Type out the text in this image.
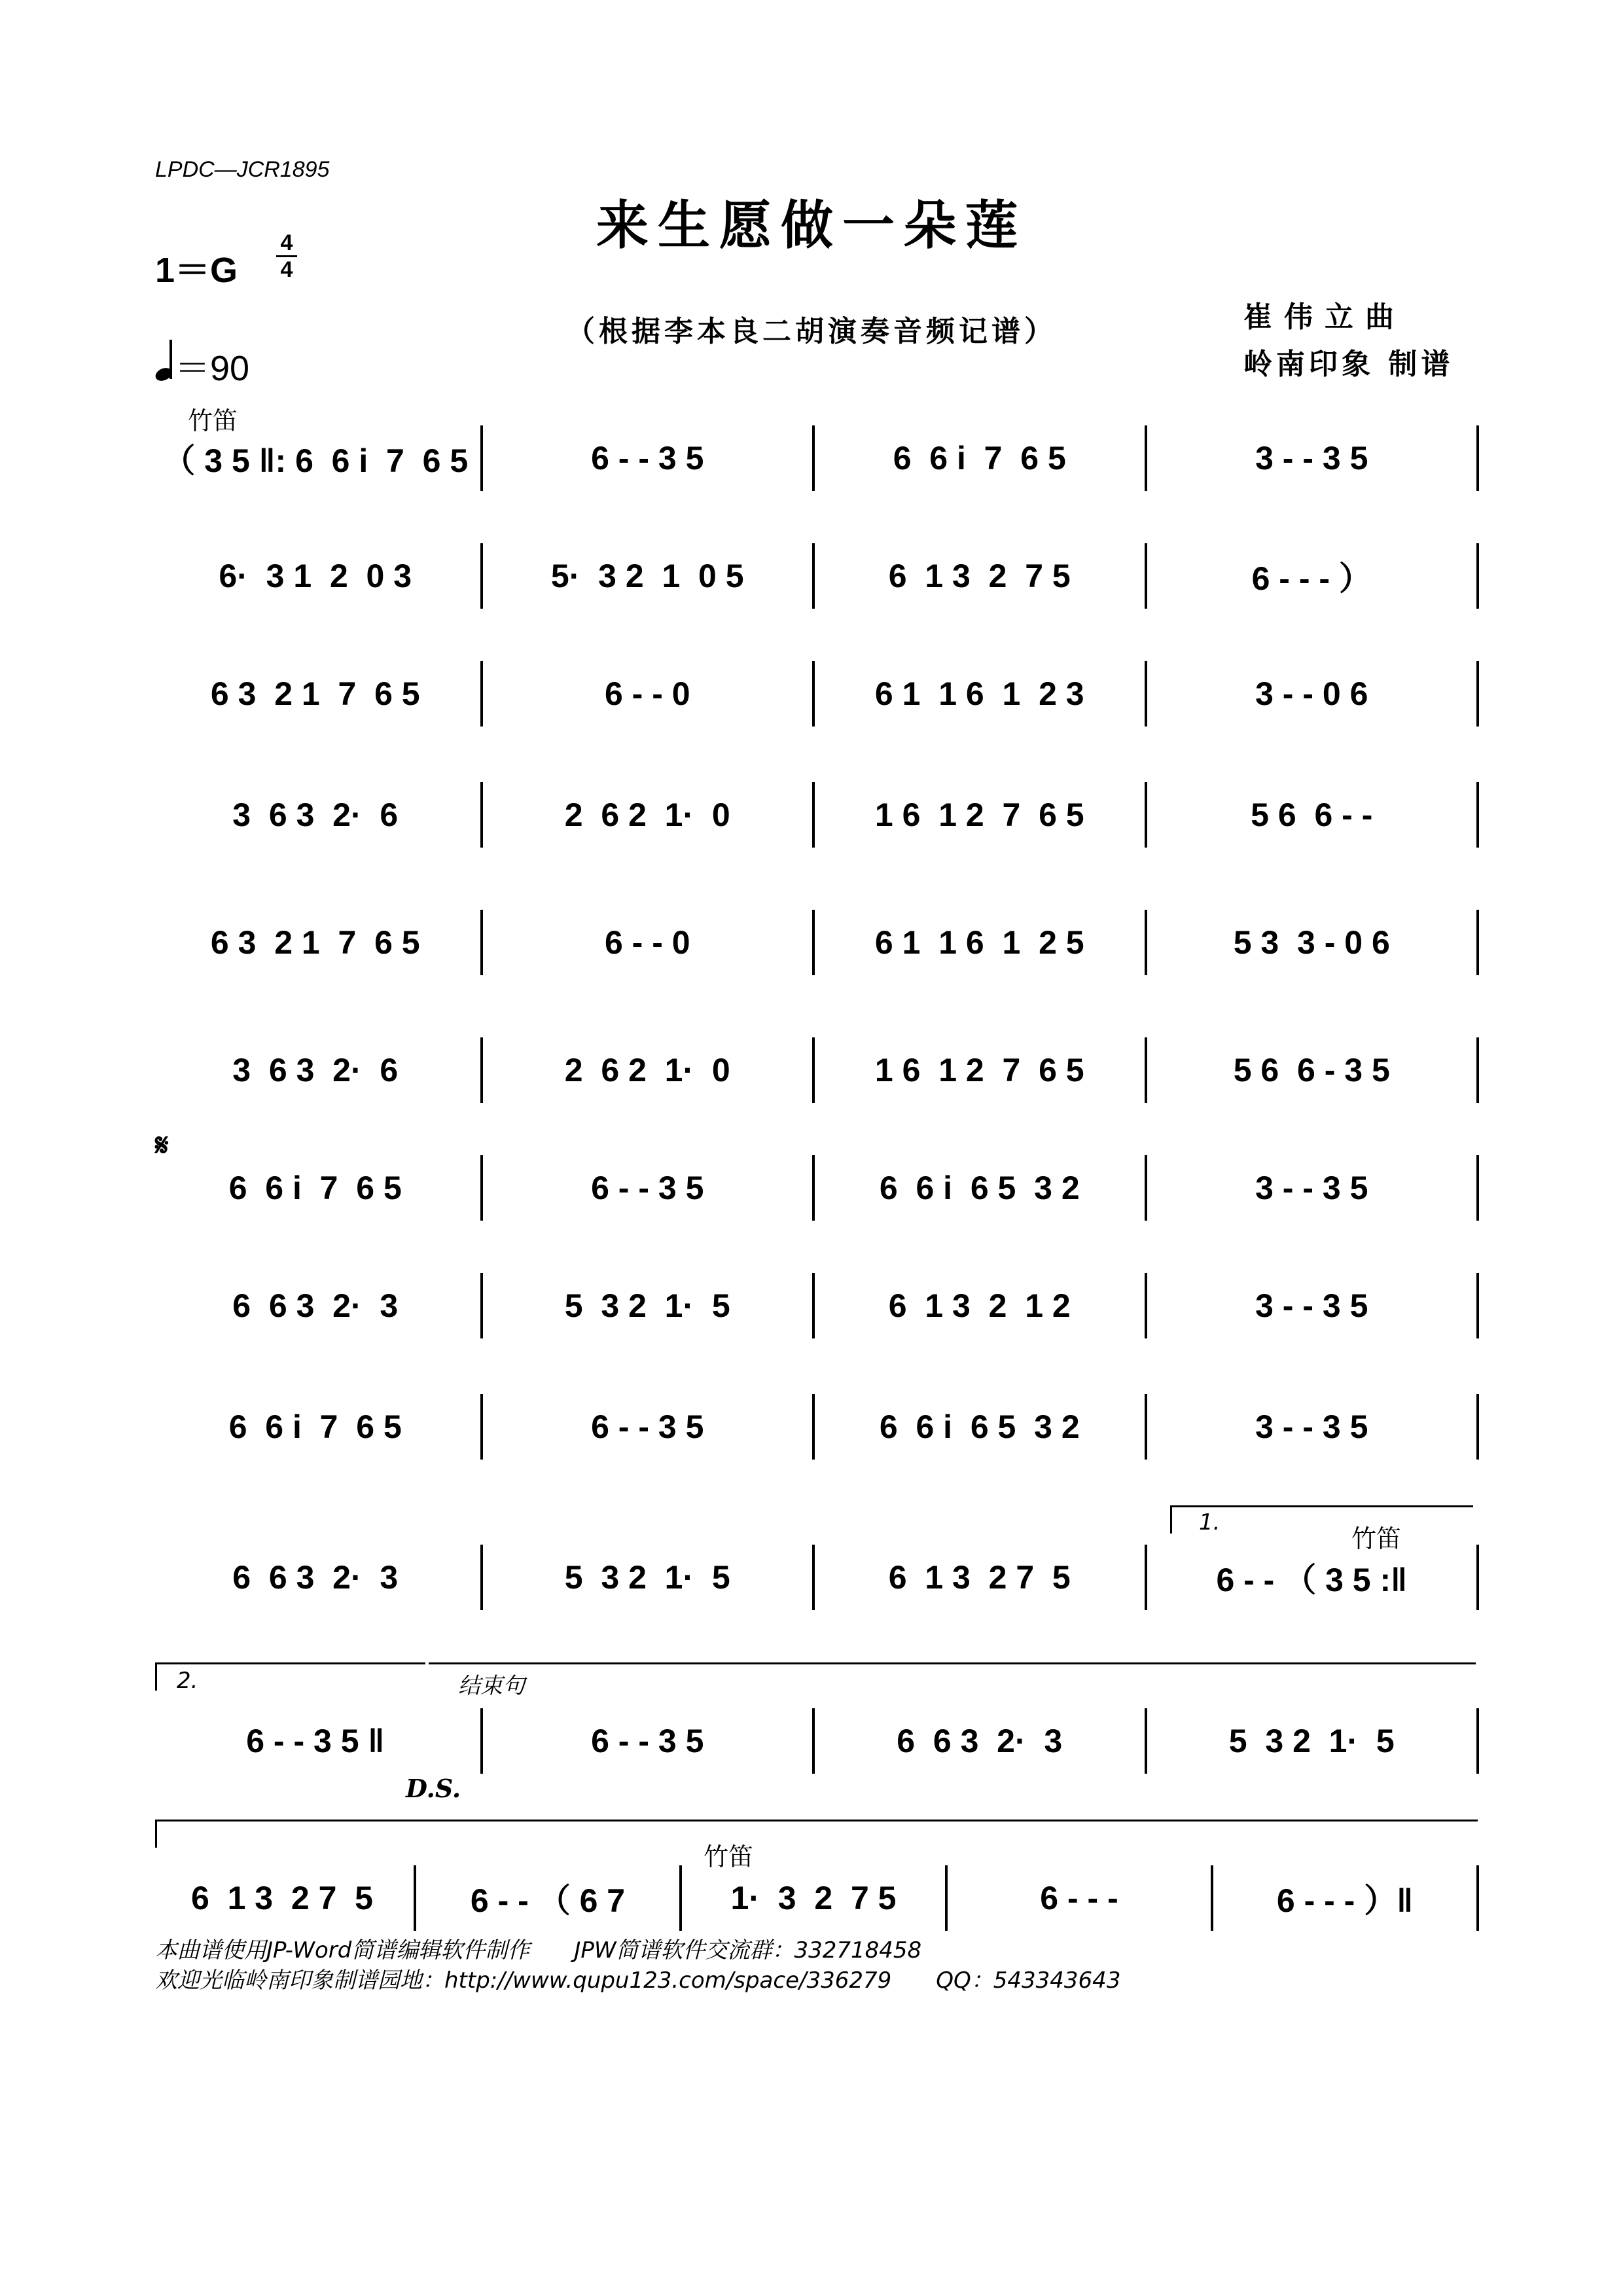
LPDC—JCR1895
来生愿做一朵莲
1＝G
4
4
（根据李本良二胡演奏音频记谱）	崔伟立曲
岭南印象 制谱
＝90
竹笛
𝄋
1.
竹笛
2.	结束句
D.S.
竹笛
（ 3 5 ‖: 6  6 i  7  6 5	6 - - 3 5	6  6 i  7  6 5	3 - - 3 5
6·  3 1  2  0 3	5·  3 2  1  0 5	6  1 3  2  7 5	6 - - - ）
6 3  2 1  7  6 5	6 - - 0	6 1  1 6  1  2 3	3 - - 0 6
3  6 3  2·  6	2  6 2  1·  0	1 6  1 2  7  6 5	5 6  6 - -
6 3  2 1  7  6 5	6 - - 0	6 1  1 6  1  2 5	5 3  3 - 0 6
3  6 3  2·  6	2  6 2  1·  0	1 6  1 2  7  6 5	5 6  6 - 3 5
6  6 i  7  6 5	6 - - 3 5	6  6 i  6 5  3 2	3 - - 3 5
6  6 3  2·  3	5  3 2  1·  5	6  1 3  2  1 2	3 - - 3 5
6  6 i  7  6 5	6 - - 3 5	6  6 i  6 5  3 2	3 - - 3 5
6  6 3  2·  3	5  3 2  1·  5	6  1 3  2 7  5	6 - - （ 3 5 :‖
6 - - 3 5 ‖	6 - - 3 5	6  6 3  2·  3	5  3 2  1·  5
6  1 3  2 7  5	6 - - （ 6 7	1·  3  2  7 5	6 - - -	6 - - - ）‖
本曲谱使用JP-Word简谱编辑软件制作　　JPW简谱软件交流群：332718458
欢迎光临岭南印象制谱园地：http://www.qupu123.com/space/336279　　QQ：543343643
